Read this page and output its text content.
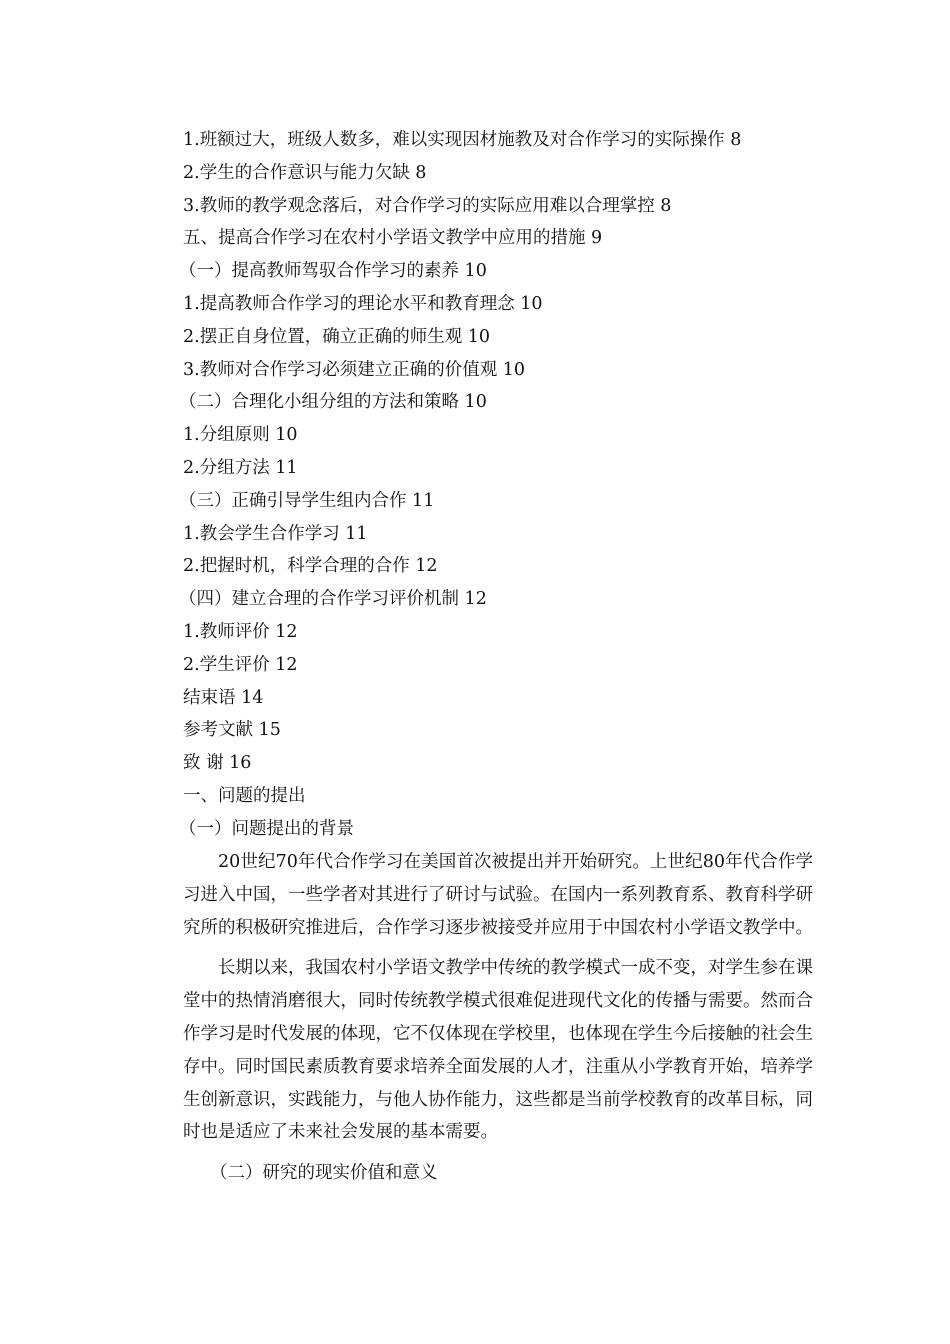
1.班额过大，班级人数多，难以实现因材施教及对合作学习的实际操作 8
2.学生的合作意识与能力欠缺 8
3.教师的教学观念落后，对合作学习的实际应用难以合理掌控 8
五、提高合作学习在农村小学语文教学中应用的措施 9
（一）提高教师驾驭合作学习的素养 10
1.提高教师合作学习的理论水平和教育理念 10
2.摆正自身位置，确立正确的师生观 10
3.教师对合作学习必须建立正确的价值观 10
（二）合理化小组分组的方法和策略 10
1.分组原则 10
2.分组方法 11
（三）正确引导学生组内合作 11
1.教会学生合作学习 11
2.把握时机，科学合理的合作 12
（四）建立合理的合作学习评价机制 12
1.教师评价 12
2.学生评价 12
结束语 14
参考文献 15
致 谢 16
一、问题的提出
（一）问题提出的背景

20世纪70年代合作学习在美国首次被提出并开始研究。上世纪80年代合作学习进入中国，一些学者对其进行了研讨与试验。在国内一系列教育系、教育科学研究所的积极研究推进后，合作学习逐步被接受并应用于中国农村小学语文教学中。

长期以来，我国农村小学语文教学中传统的教学模式一成不变，对学生参在课堂中的热情消磨很大，同时传统教学模式很难促进现代文化的传播与需要。然而合作学习是时代发展的体现，它不仅体现在学校里，也体现在学生今后接触的社会生存中。同时国民素质教育要求培养全面发展的人才，注重从小学教育开始，培养学生创新意识，实践能力，与他人协作能力，这些都是当前学校教育的改革目标，同时也是适应了未来社会发展的基本需要。

（二）研究的现实价值和意义
